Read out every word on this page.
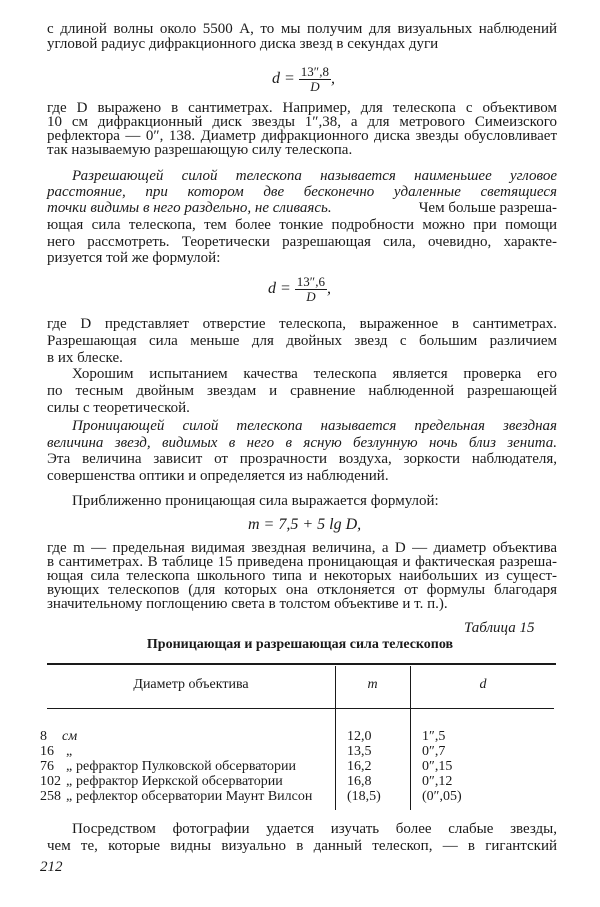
с длиной волны около 5500 А, то мы получим для визуальных наблюдений
угловой радиус дифракционного диска звезд в секундах дуги
$d = \frac{13'',8}{D}$ ,
где D выражено в сантиметрах. Например, для телескопа с объективом
10 см дифракционный диск звезды 1″,38, а для метрового Симеизского
рефлектора — 0″, 138. Диаметр дифракционного диска звезды обусловливает
так называемую разрешающую силу телескопа.
Разрешающей силой телескопа называется наименьшее угловое
расстояние, при котором две бесконечно удаленные светящиеся
точки видимы в него раздельно, не сливаясь.	Чем больше разреша-
ющая сила телескопа, тем более тонкие подробности можно при помощи
него рассмотреть. Теоретически разрешающая сила, очевидно, характе-
ризуется той же формулой:
$d = \frac{13'',6}{D}$ ,
где D представляет отверстие телескопа, выраженное в сантиметрах.
Разрешающая сила меньше для двойных звезд с большим различием
в их блеске.
Хорошим испытанием качества телескопа является проверка его
по тесным двойным звездам и сравнение наблюденной разрешающей
силы с теоретической.
Проницающей силой телескопа называется предельная звездная
величина звезд, видимых в него в ясную безлунную ночь близ зенита.
Эта величина зависит от прозрачности воздуха, зоркости наблюдателя,
совершенства оптики и определяется из наблюдений.
Приближенно проницающая сила выражается формулой:
m = 7,5 + 5 lg D,
где m — предельная видимая звездная величина, а D — диаметр объектива
в сантиметрах. В таблице 15 приведена проницающая и фактическая разреша-
ющая сила телескопа школьного типа и некоторых наибольших из сущест-
вующих телескопов (для которых она отклоняется от формулы благодаря
значительному поглощению света в толстом объективе и т. п.).
Таблица 15
Проницающая и разрешающая сила телескопов
Диаметр объектива	m	d
8 см	12,0	1″,5
16 „	13,5	0″,7
76 „ рефрактор Пулковской обсерватории	16,2	0″,15
102 „ рефрактор Иеркской обсерватории	16,8	0″,12
258 „ рефлектор обсерватории Маунт Вилсон (18,5)	(0″,05)
Посредством фотографии удается изучать более слабые звезды,
чем те, которые видны визуально в данный телескоп, — в гигантский
212
